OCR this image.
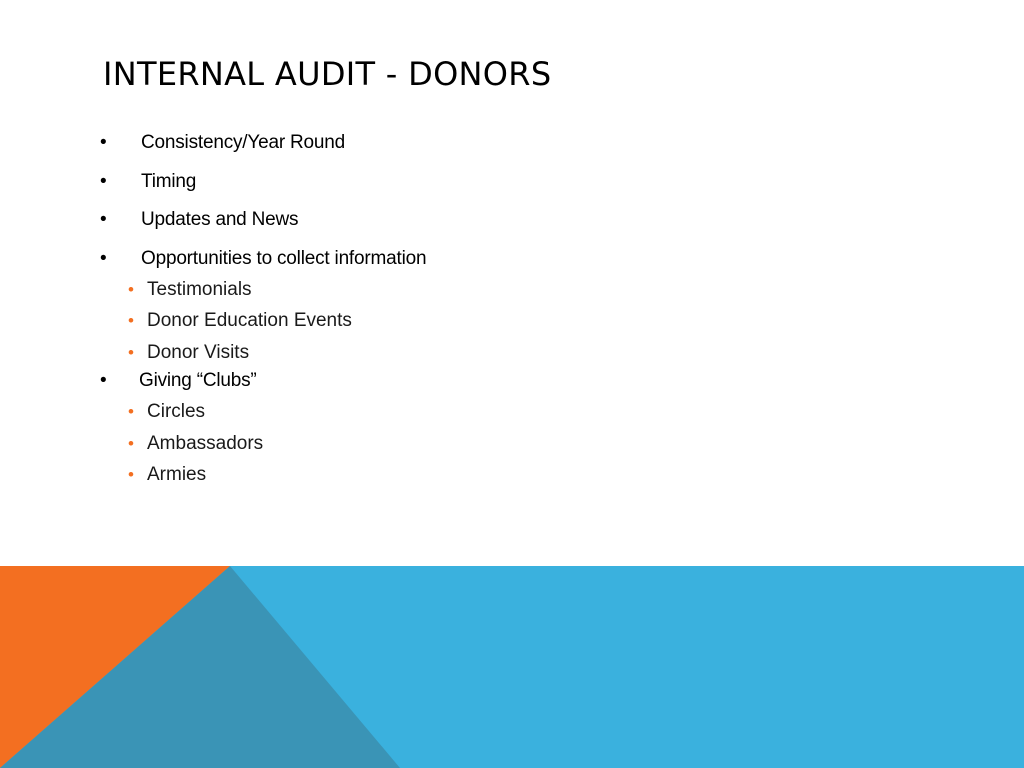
INTERNAL AUDIT - DONORS
•	Consistency/Year Round
•	Timing
•	Updates and News
•	Opportunities to collect information
• Testimonials
• Donor Education Events
• Donor Visits
•	Giving “Clubs”
• Circles
• Ambassadors
• Armies
